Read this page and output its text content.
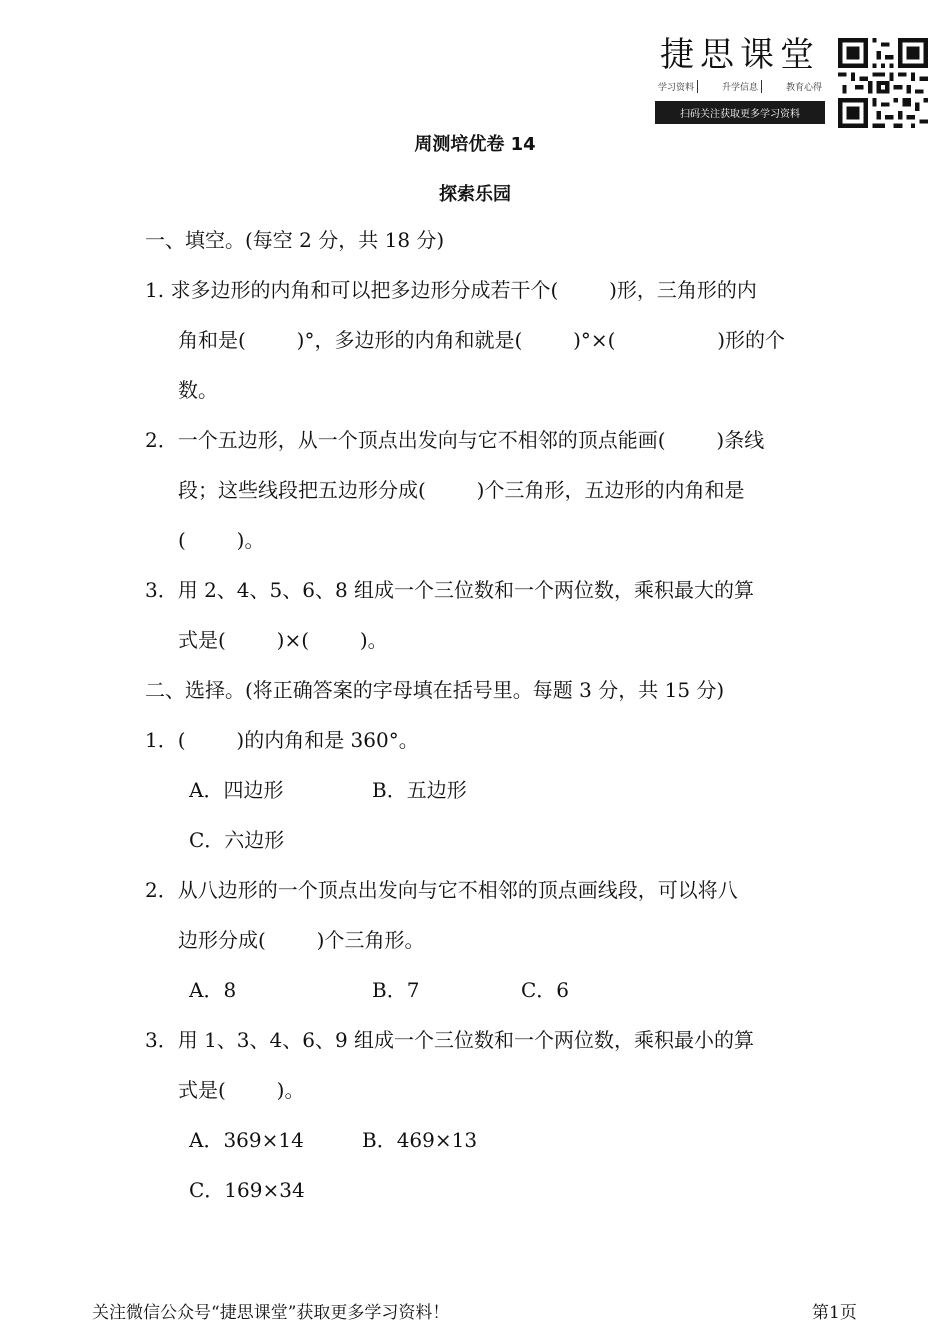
捷思课堂
学习资料	升学信息	教育心得
扫码关注获取更多学习资料
周测培优卷 14
探索乐园
一、填空。(每空 2 分，共 18 分)
1. 求多边形的内角和可以把多边形分成若干个(        )形，三角形的内
角和是(        )°，多边形的内角和就是(        )°×(                )形的个
数。
2．一个五边形，从一个顶点出发向与它不相邻的顶点能画(        )条线
段；这些线段把五边形分成(        )个三角形，五边形的内角和是
(        )。
3．用 2、4、5、6、8 组成一个三位数和一个两位数，乘积最大的算
式是(        )×(        )。
二、选择。(将正确答案的字母填在括号里。每题 3 分，共 15 分)
1．(        )的内角和是 360°。
A．四边形	B．五边形
C．六边形
2．从八边形的一个顶点出发向与它不相邻的顶点画线段，可以将八
边形分成(        )个三角形。
A．8	B．7	C．6
3．用 1、3、4、6、9 组成一个三位数和一个两位数，乘积最小的算
式是(        )。
A．369×14	B．469×13
C．169×34
关注微信公众号“捷思课堂”获取更多学习资料！	第1页
